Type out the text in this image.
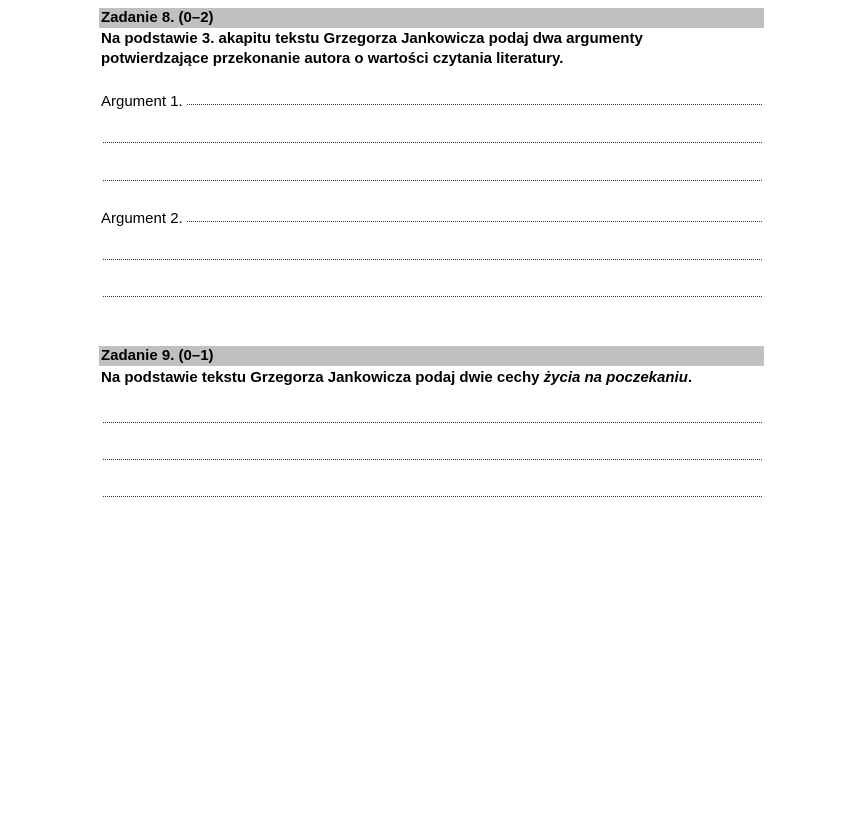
Zadanie 8. (0–2)
Na podstawie 3. akapitu tekstu Grzegorza Jankowicza podaj dwa argumenty
potwierdzające przekonanie autora o wartości czytania literatury.
Argument 1.
Argument 2.
Zadanie 9. (0–1)
Na podstawie tekstu Grzegorza Jankowicza podaj dwie cechy życia na poczekaniu.
